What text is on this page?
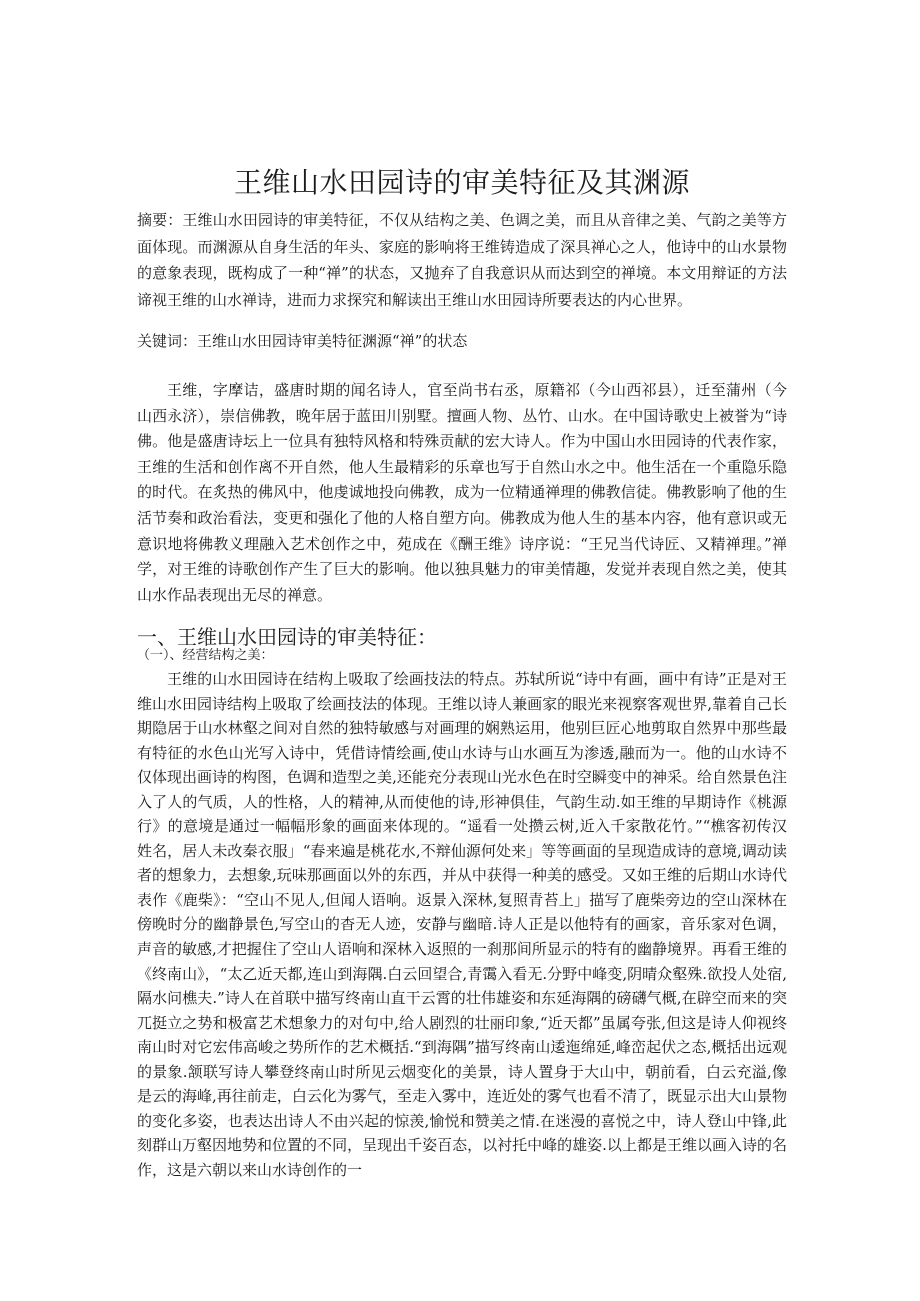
王维山水田园诗的审美特征及其渊源

摘要：王维山水田园诗的审美特征，不仅从结构之美、色调之美，而且从音律之美、气韵之美等方面体现。而渊源从自身生活的年头、家庭的影响将王维铸造成了深具禅心之人，他诗中的山水景物的意象表现，既构成了一种“禅”的状态，又抛弃了自我意识从而达到空的禅境。本文用辩证的方法谛视王维的山水禅诗，进而力求探究和解读出王维山水田园诗所要表达的内心世界。

关键词：王维山水田园诗审美特征渊源“禅”的状态

王维，字摩诘，盛唐时期的闻名诗人，官至尚书右丞，原籍祁（今山西祁县），迁至蒲州（今山西永济），崇信佛教，晚年居于蓝田川别墅。擅画人物、丛竹、山水。在中国诗歌史上被誉为“诗佛。他是盛唐诗坛上一位具有独特风格和特殊贡献的宏大诗人。作为中国山水田园诗的代表作家，王维的生活和创作离不开自然，他人生最精彩的乐章也写于自然山水之中。他生活在一个重隐乐隐的时代。在炙热的佛风中，他虔诚地投向佛教，成为一位精通禅理的佛教信徒。佛教影响了他的生活节奏和政治看法，变更和强化了他的人格自塑方向。佛教成为他人生的基本内容，他有意识或无意识地将佛教义理融入艺术创作之中，苑成在《酬王维》诗序说：“王兄当代诗匠、又精禅理。”禅学，对王维的诗歌创作产生了巨大的影响。他以独具魅力的审美情趣，发觉并表现自然之美，使其山水作品表现出无尽的禅意。

一、王维山水田园诗的审美特征：

（一）、经营结构之美：

王维的山水田园诗在结构上吸取了绘画技法的特点。苏轼所说“诗中有画，画中有诗”正是对王维山水田园诗结构上吸取了绘画技法的体现。王维以诗人兼画家的眼光来视察客观世界,靠着自己长期隐居于山水林壑之间对自然的独特敏感与对画理的娴熟运用，他别巨匠心地剪取自然界中那些最有特征的水色山光写入诗中，凭借诗情绘画,使山水诗与山水画互为渗透,融而为一。他的山水诗不仅体现出画诗的构图，色调和造型之美,还能充分表现山光水色在时空瞬变中的神采。给自然景色注入了人的气质，人的性格，人的精神,从而使他的诗,形神俱佳，气韵生动.如王维的早期诗作《桃源行》的意境是通过一幅幅形象的画面来体现的。“遥看一处攒云树,近入千家散花竹。”“樵客初传汉姓名，居人未改秦衣服」“春来遍是桃花水,不辩仙源何处来」等等画面的呈现造成诗的意境,调动读者的想象力，去想象,玩味那画面以外的东西，并从中获得一种美的感受。又如王维的后期山水诗代表作《鹿柴》：“空山不见人,但闻人语响。返景入深林,复照青苔上」描写了鹿柴旁边的空山深林在傍晚时分的幽静景色,写空山的杳无人迹，安静与幽暗.诗人正是以他特有的画家，音乐家对色调，声音的敏感,才把握住了空山人语响和深林入返照的一刹那间所显示的特有的幽静境界。再看王维的《终南山》，“太乙近天都,连山到海隅.白云回望合,青霭入看无.分野中峰变,阴晴众壑殊.欲投人处宿,隔水问樵夫.”诗人在首联中描写终南山直干云霄的壮伟雄姿和东延海隅的磅礴气概,在辟空而来的突兀挺立之势和极富艺术想象力的对句中,给人剧烈的壮丽印象,“近天都”虽属夸张,但这是诗人仰视终南山时对它宏伟高峻之势所作的艺术概括.“到海隅”描写终南山逶迤绵延,峰峦起伏之态,概括出远观的景象.颔联写诗人攀登终南山时所见云烟变化的美景，诗人置身于大山中，朝前看，白云充溢,像是云的海峰,再往前走，白云化为雾气，至走入雾中，连近处的雾气也看不清了，既显示出大山景物的变化多姿，也表达出诗人不由兴起的惊羡,愉悦和赞美之情.在迷漫的喜悦之中，诗人登山中锋,此刻群山万壑因地势和位置的不同，呈现出千姿百态，以衬托中峰的雄姿.以上都是王维以画入诗的名作，这是六朝以来山水诗创作的一
